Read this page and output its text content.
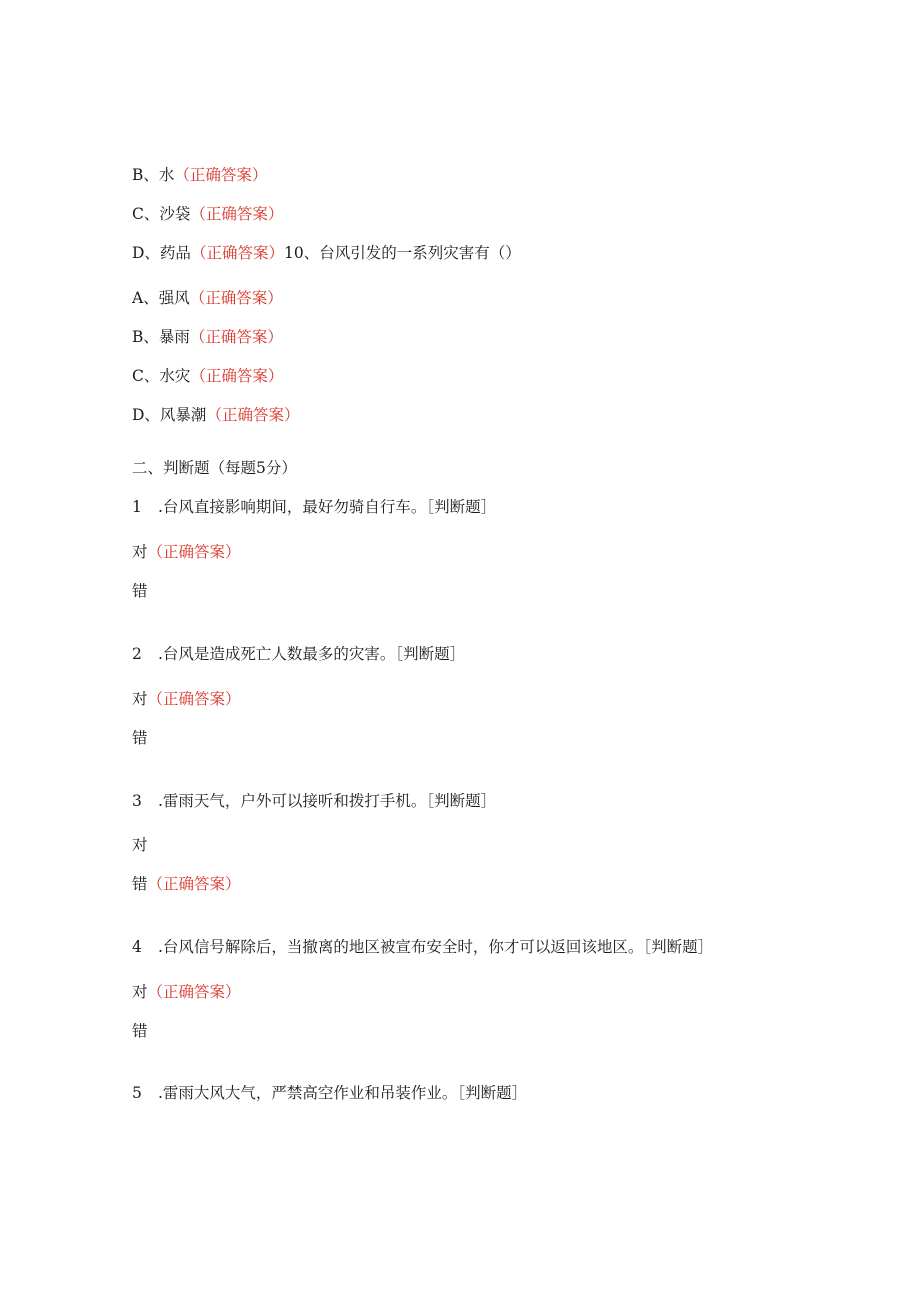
B、水 （ 正确答案 ）
C、沙袋 （ 正确答案 ）
D、药品 （ 正确答案 ） 10、台风引发的一系列灾害有（）
A、强风 （ 正确答案 ）
B、暴雨 （ 正确答案 ）
C、水灾 （ 正确答案 ）
D、风暴潮 （ 正确答案 ）
二、判断题（每题5分）
1 .台风直接影响期间，最好勿骑自行车。［判断题］
对 （ 正确答案 ）
错
2 .台风是造成死亡人数最多的灾害。［判断题］
对 （ 正确答案 ）
错
3 .雷雨天气，户外可以接听和拨打手机。［判断题］
对
错 （ 正确答案 ）
4 .台风信号解除后，当撤离的地区被宣布安全时，你才可以返回该地区。［判断题］
对 （ 正确答案 ）
错
5 .雷雨大风大气，严禁高空作业和吊装作业。［判断题］
